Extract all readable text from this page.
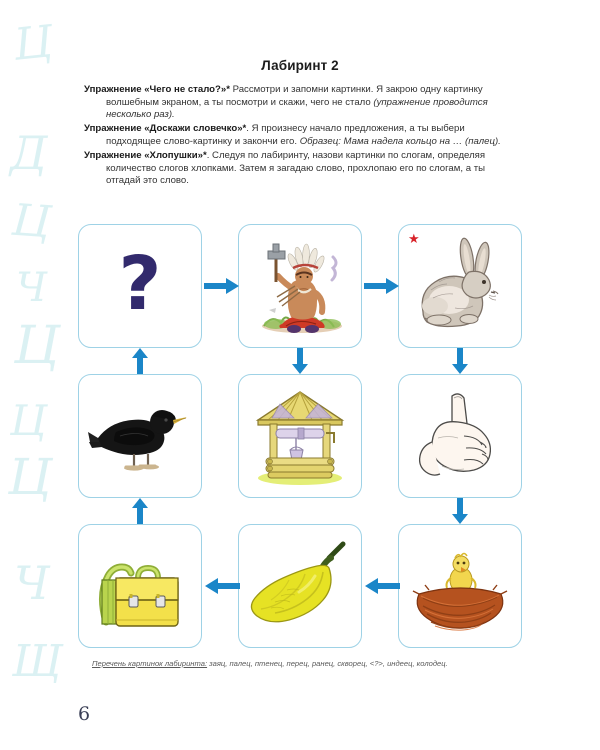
Ц
Д
Ц
Ч
Ц
Ц
Ц
Ч
Щ
Лабиринт 2
Упражнение «Чего не стало?»* Рассмотри и запомни картинки. Я закрою одну картинку волшебным экраном, а ты посмотри и скажи, чего не стало (упражнение проводится несколько раз).
Упражнение «Доскажи словечко»*. Я произнесу начало предложения, а ты выбери подходящее слово-картинку и закончи его. Образец: Мама надела кольцо на … (палец).
Упражнение «Хлопушки»*. Следуя по лабиринту, назови картинки по слогам, определяя количество слогов хлопками. Затем я загадаю слово, прохлопаю его по слогам, а ты отгадай это слово.
?
★
Перечень картинок лабиринта: заяц, палец, птенец, перец, ранец, скворец, <?>, индеец, колодец.
6
